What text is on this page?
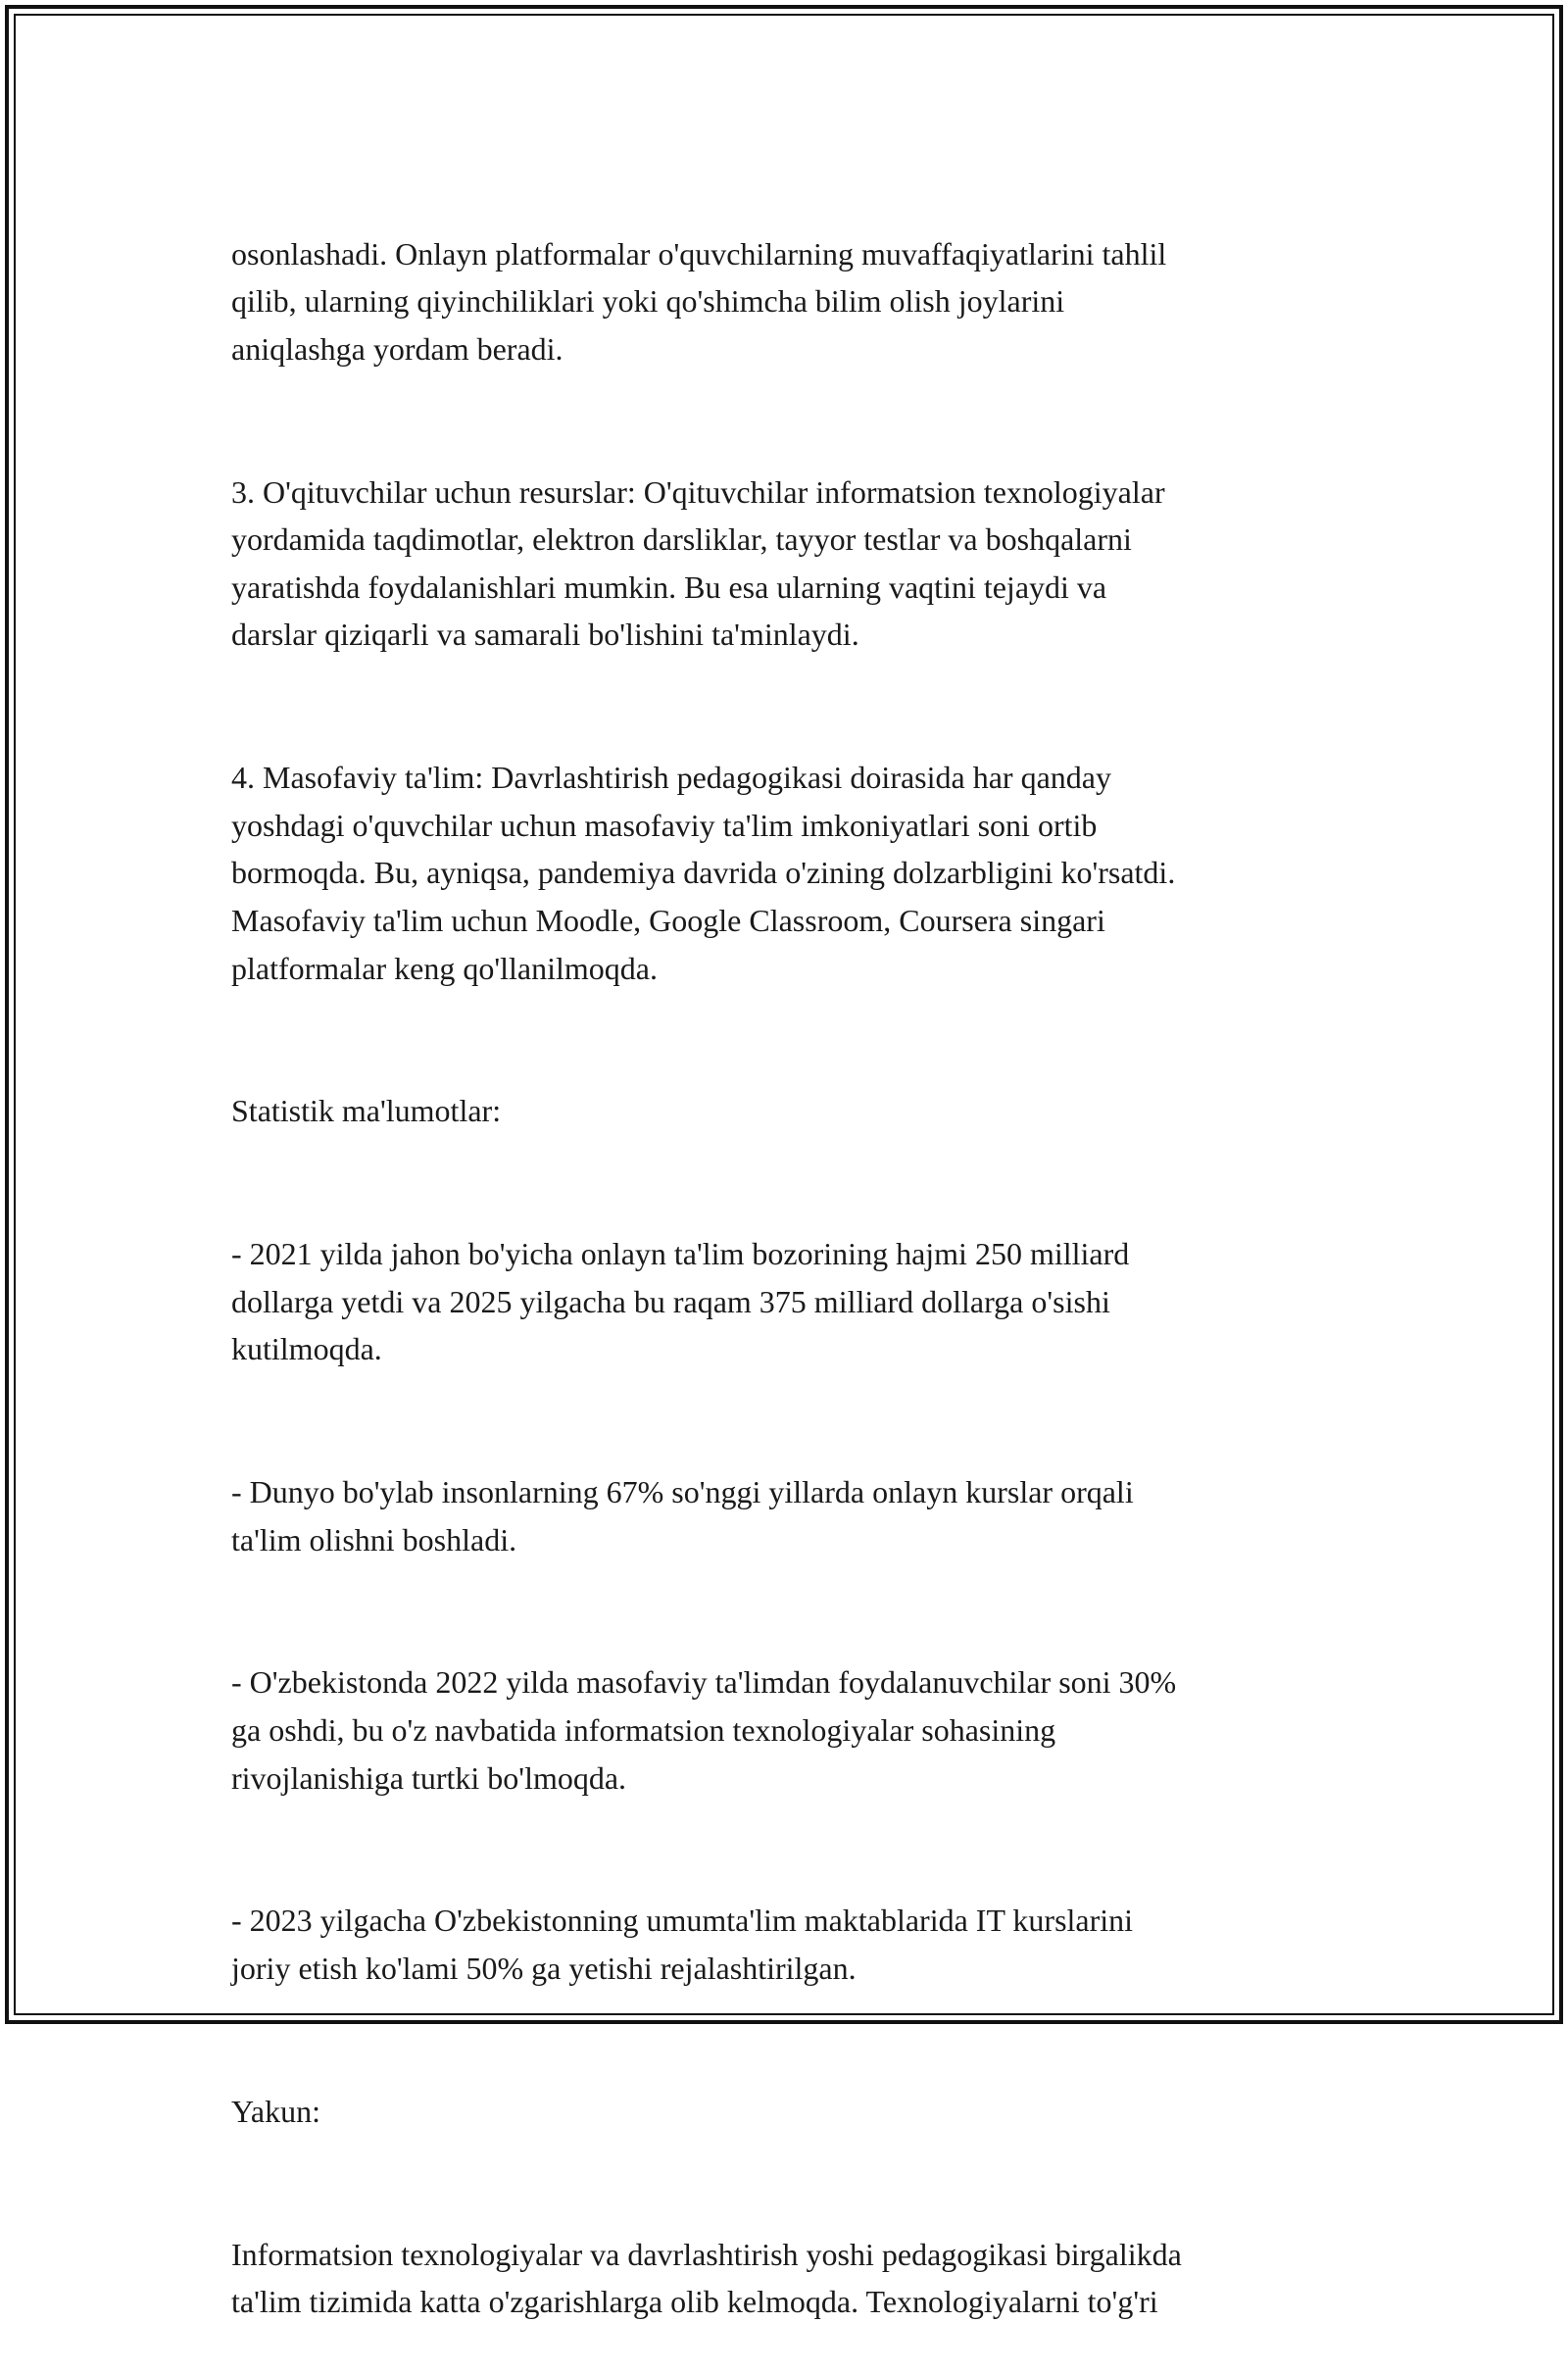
osonlashadi. Onlayn platformalar o'quvchilarning muvaffaqiyatlarini tahlil
qilib, ularning qiyinchiliklari yoki qo'shimcha bilim olish joylarini
aniqlashga yordam beradi.

3. O'qituvchilar uchun resurslar: O'qituvchilar informatsion texnologiyalar
yordamida taqdimotlar, elektron darsliklar, tayyor testlar va boshqalarni
yaratishda foydalanishlari mumkin. Bu esa ularning vaqtini tejaydi va
darslar qiziqarli va samarali bo'lishini ta'minlaydi.

4. Masofaviy ta'lim: Davrlashtirish pedagogikasi doirasida har qanday
yoshdagi o'quvchilar uchun masofaviy ta'lim imkoniyatlari soni ortib
bormoqda. Bu, ayniqsa, pandemiya davrida o'zining dolzarbligini ko'rsatdi.
Masofaviy ta'lim uchun Moodle, Google Classroom, Coursera singari
platformalar keng qo'llanilmoqda.

Statistik ma'lumotlar:

- 2021 yilda jahon bo'yicha onlayn ta'lim bozorining hajmi 250 milliard
dollarga yetdi va 2025 yilgacha bu raqam 375 milliard dollarga o'sishi
kutilmoqda.

- Dunyo bo'ylab insonlarning 67% so'nggi yillarda onlayn kurslar orqali
ta'lim olishni boshladi.

- O'zbekistonda 2022 yilda masofaviy ta'limdan foydalanuvchilar soni 30%
ga oshdi, bu o'z navbatida informatsion texnologiyalar sohasining
rivojlanishiga turtki bo'lmoqda.

- 2023 yilgacha O'zbekistonning umumta'lim maktablarida IT kurslarini
joriy etish ko'lami 50% ga yetishi rejalashtirilgan.

Yakun:

Informatsion texnologiyalar va davrlashtirish yoshi pedagogikasi birgalikda
ta'lim tizimida katta o'zgarishlarga olib kelmoqda. Texnologiyalarni to'g'ri
